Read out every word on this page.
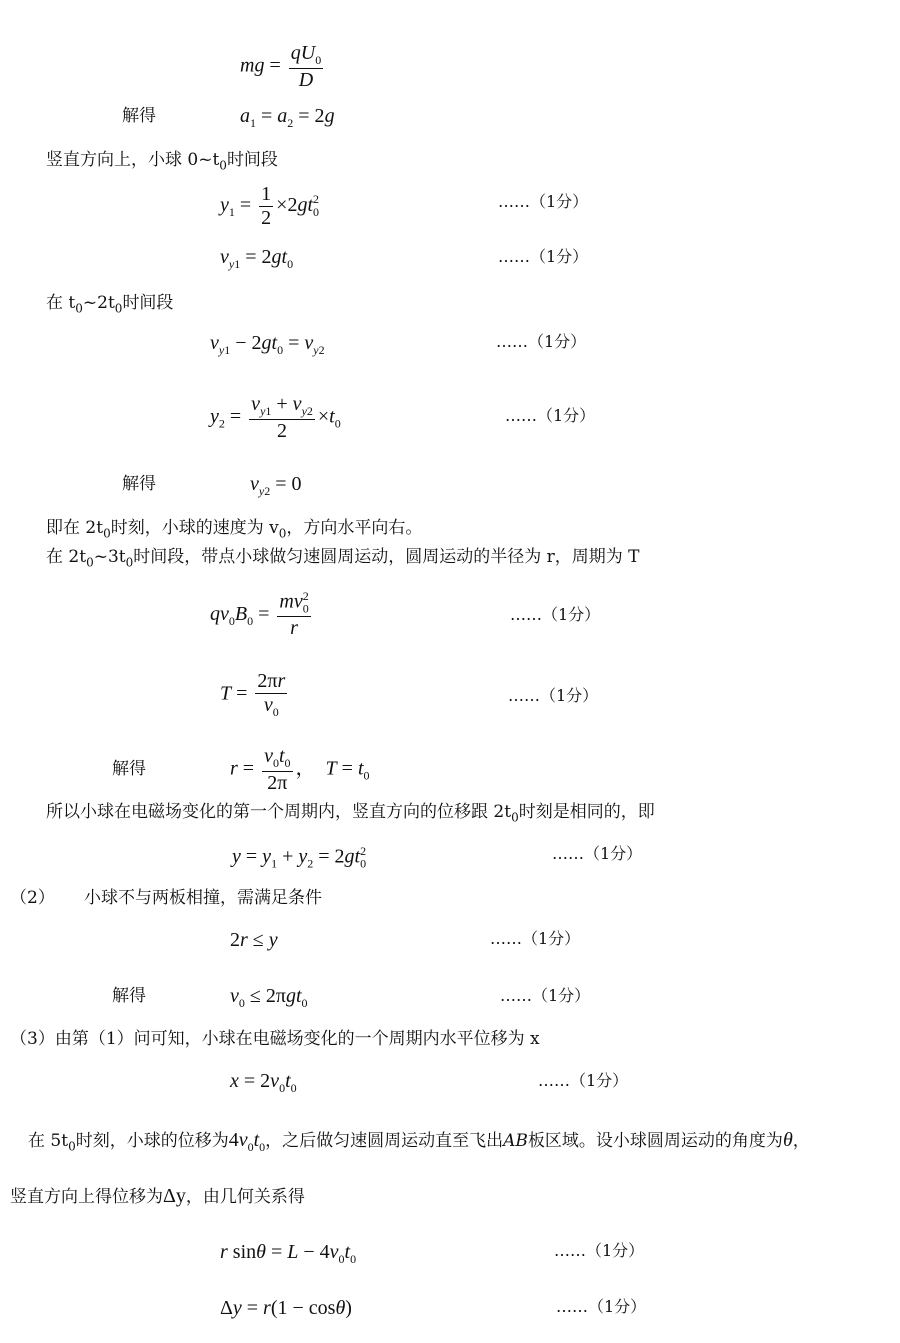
mg = $\frac{qU_0}{D}$
解得	$a_1 = a_2 = 2g$
竖直方向上，小球 $0\sim t_0$时间段
$y_1 = \frac{1}{2} \times 2gt_0^2$	……（1分）
$v_{y1} = 2gt_0$	……（1分）
在 $t_0\sim 2t_0$时间段
$v_{y1} - 2gt_0 = v_{y2}$	……（1分）
$y_2 = \frac{v_{y1} + v_{y2}}{2} \times t_0$	……（1分）
解得	$v_{y2} = 0$
即在 $2t_0$时刻，小球的速度为 $v_0$，方向水平向右。
在 $2t_0\sim 3t_0$时间段，带点小球做匀速圆周运动，圆周运动的半径为 r，周期为 T
$qv_0B_0 = \frac{mv_0^2}{r}$	……（1分）
$T = \frac{2\pi r}{v_0}$	……（1分）
解得	$r = \frac{v_0t_0}{2\pi}$ ，  $T = t_0$
所以小球在电磁场变化的第一个周期内，竖直方向的位移跟 $2t_0$时刻是相同的，即
$y = y_1 + y_2 = 2gt_0^2$	……（1分）
（2） 小球不与两板相撞，需满足条件
2r ≤ y	……（1分）
解得	$v_0 \le 2\pi gt_0$	……（1分）
（3）由第（1）问可知，小球在电磁场变化的一个周期内水平位移为 x
$x = 2v_0t_0$	……（1分）
在 $5t_0$时刻，小球的位移为$4v_0t_0$，之后做匀速圆周运动直至飞出AB板区域。设小球圆周运动的角度为θ，
竖直方向上得位移为Δy，由几何关系得
r $\sin\theta = L - 4v_0t_0$	……（1分）
Δy = r(1 − cosθ)	……（1分）
